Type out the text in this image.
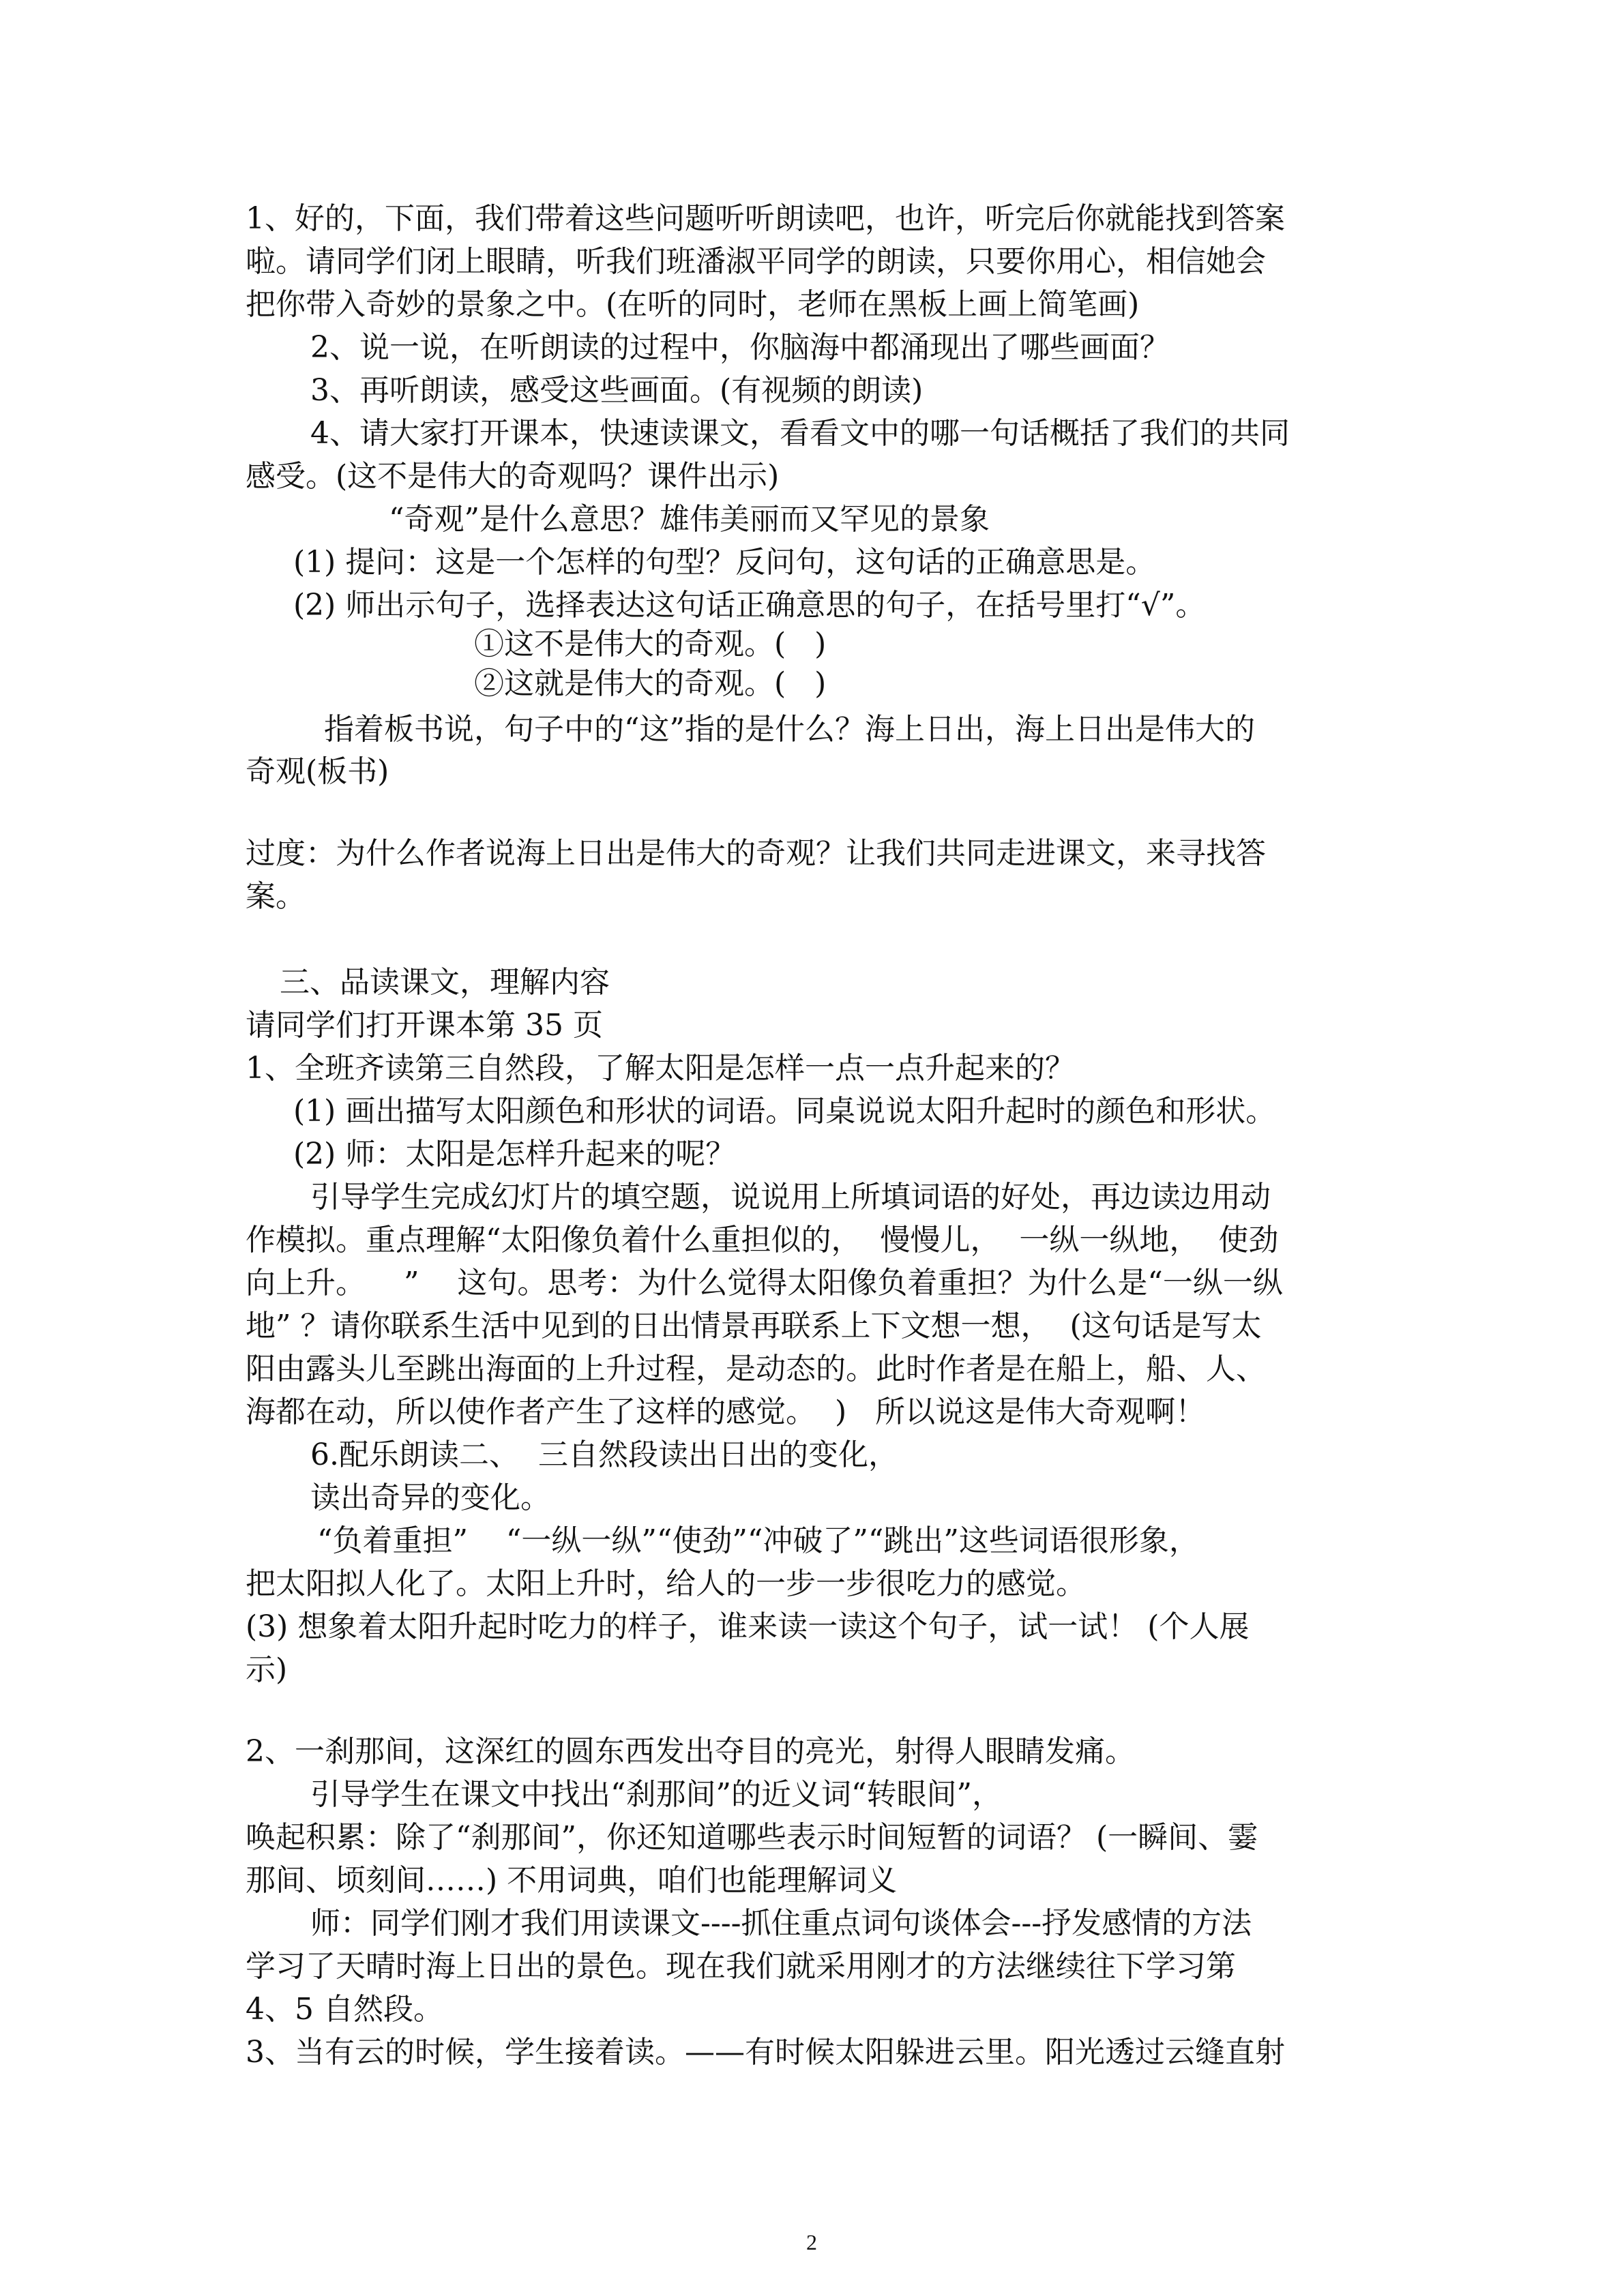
1、好的，下面，我们带着这些问题听听朗读吧，也许，听完后你就能找到答案

啦。请同学们闭上眼睛，听我们班潘淑平同学的朗读，只要你用心，相信她会

把你带入奇妙的景象之中。(在听的同时，老师在黑板上画上简笔画)

2、说一说，在听朗读的过程中，你脑海中都涌现出了哪些画面？

3、再听朗读，感受这些画面。(有视频的朗读)

4、请大家打开课本，快速读课文，看看文中的哪一句话概括了我们的共同

感受。(这不是伟大的奇观吗？课件出示)

“奇观”是什么意思？雄伟美丽而又罕见的景象

(1) 提问：这是一个怎样的句型？反问句，这句话的正确意思是。

(2) 师出示句子，选择表达这句话正确意思的句子，在括号里打“√”。

①这不是伟大的奇观。(   )

②这就是伟大的奇观。(   )

指着板书说，句子中的“这”指的是什么？海上日出，海上日出是伟大的

奇观(板书)

过度：为什么作者说海上日出是伟大的奇观？让我们共同走进课文，来寻找答

案。

三、品读课文，理解内容

请同学们打开课本第 35 页

1、全班齐读第三自然段，了解太阳是怎样一点一点升起来的？

(1) 画出描写太阳颜色和形状的词语。同桌说说太阳升起时的颜色和形状。

(2) 师：太阳是怎样升起来的呢？

引导学生完成幻灯片的填空题，说说用上所填词语的好处，再边读边用动

作模拟。重点理解“太阳像负着什么重担似的，  慢慢儿，  一纵一纵地，  使劲

向上升。    ”    这句。思考：为什么觉得太阳像负着重担？为什么是“一纵一纵

地” ？请你联系生活中见到的日出情景再联系上下文想一想，  (这句话是写太

阳由露头儿至跳出海面的上升过程，是动态的。此时作者是在船上，船、人、

海都在动，所以使作者产生了这样的感觉。  )   所以说这是伟大奇观啊！

6.配乐朗读二、  三自然段读出日出的变化，

读出奇异的变化。

“负着重担”    “一纵一纵”“使劲”“冲破了”“跳出”这些词语很形象，

把太阳拟人化了。太阳上升时，给人的一步一步很吃力的感觉。

(3) 想象着太阳升起时吃力的样子，谁来读一读这个句子，试一试！ (个人展

示)

2、一刹那间，这深红的圆东西发出夺目的亮光，射得人眼睛发痛。

引导学生在课文中找出“刹那间”的近义词“转眼间”，

唤起积累：除了“刹那间”，你还知道哪些表示时间短暂的词语？ (一瞬间、霎

那间、顷刻间……) 不用词典，咱们也能理解词义

师：同学们刚才我们用读课文----抓住重点词句谈体会---抒发感情的方法

学习了天晴时海上日出的景色。现在我们就采用刚才的方法继续往下学习第

4、5 自然段。

3、当有云的时候，学生接着读。——有时候太阳躲进云里。阳光透过云缝直射

2
